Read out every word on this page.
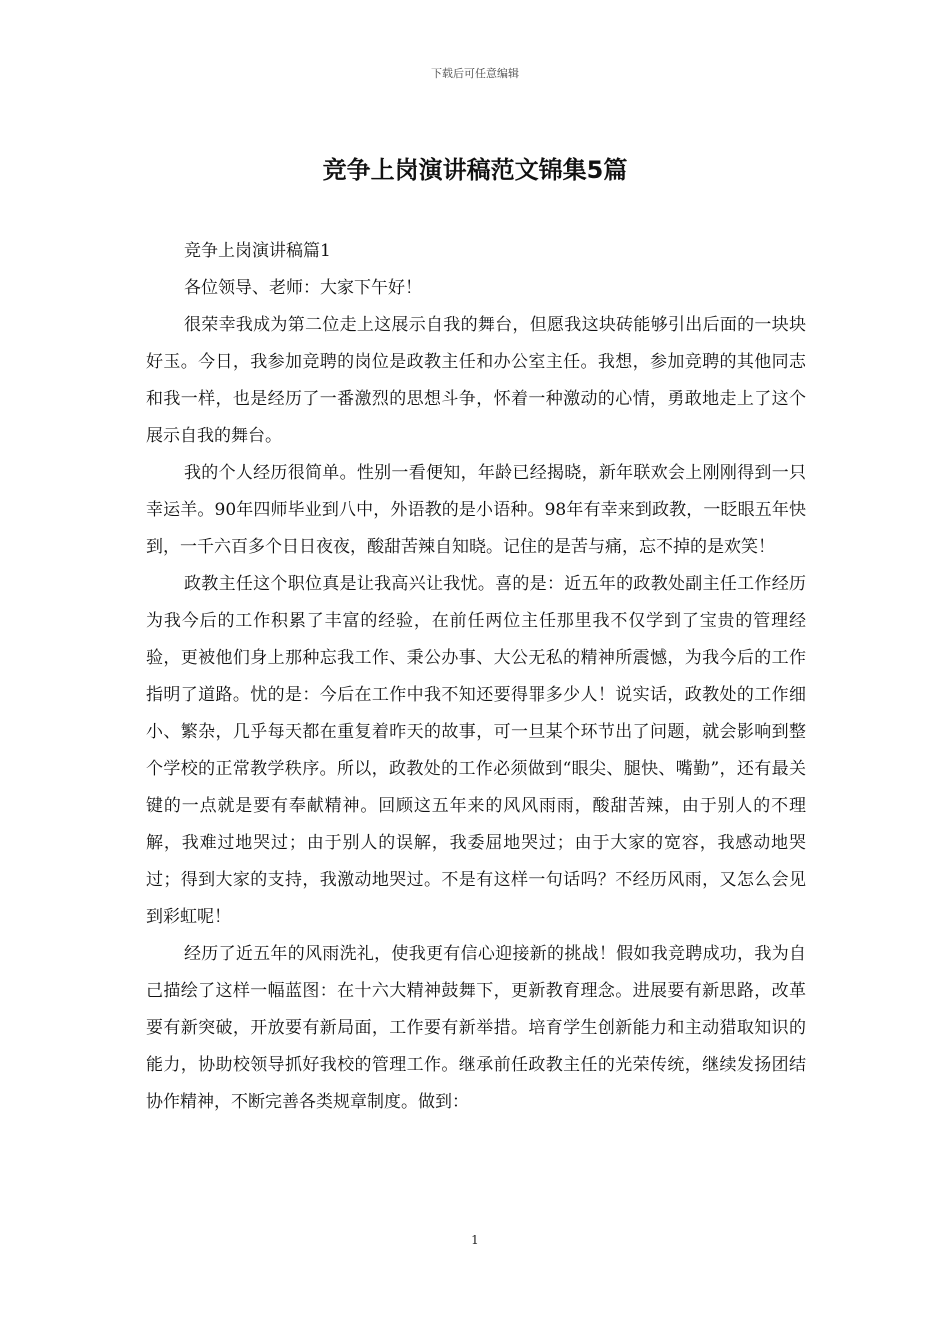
下载后可任意编辑
竞争上岗演讲稿范文锦集5篇

竞争上岗演讲稿篇1

各位领导、老师：大家下午好！

很荣幸我成为第二位走上这展示自我的舞台，但愿我这块砖能够引出后面的一块块好玉。今日，我参加竞聘的岗位是政教主任和办公室主任。我想，参加竞聘的其他同志和我一样，也是经历了一番激烈的思想斗争，怀着一种激动的心情，勇敢地走上了这个展示自我的舞台。

我的个人经历很简单。性别一看便知，年龄已经揭晓，新年联欢会上刚刚得到一只幸运羊。90年四师毕业到八中，外语教的是小语种。98年有幸来到政教，一眨眼五年快到，一千六百多个日日夜夜，酸甜苦辣自知晓。记住的是苦与痛，忘不掉的是欢笑！

政教主任这个职位真是让我高兴让我忧。喜的是：近五年的政教处副主任工作经历为我今后的工作积累了丰富的经验，在前任两位主任那里我不仅学到了宝贵的管理经验，更被他们身上那种忘我工作、秉公办事、大公无私的精神所震憾，为我今后的工作指明了道路。忧的是：今后在工作中我不知还要得罪多少人！说实话，政教处的工作细小、繁杂，几乎每天都在重复着昨天的故事，可一旦某个环节出了问题，就会影响到整个学校的正常教学秩序。所以，政教处的工作必须做到“眼尖、腿快、嘴勤”，还有最关键的一点就是要有奉献精神。回顾这五年来的风风雨雨，酸甜苦辣，由于别人的不理解，我难过地哭过；由于别人的误解，我委屈地哭过；由于大家的宽容，我感动地哭过；得到大家的支持，我激动地哭过。不是有这样一句话吗？不经历风雨，又怎么会见到彩虹呢！

经历了近五年的风雨洗礼，使我更有信心迎接新的挑战！假如我竞聘成功，我为自己描绘了这样一幅蓝图：在十六大精神鼓舞下，更新教育理念。进展要有新思路，改革要有新突破，开放要有新局面，工作要有新举措。培育学生创新能力和主动猎取知识的能力，协助校领导抓好我校的管理工作。继承前任政教主任的光荣传统，继续发扬团结协作精神，不断完善各类规章制度。做到：

1
